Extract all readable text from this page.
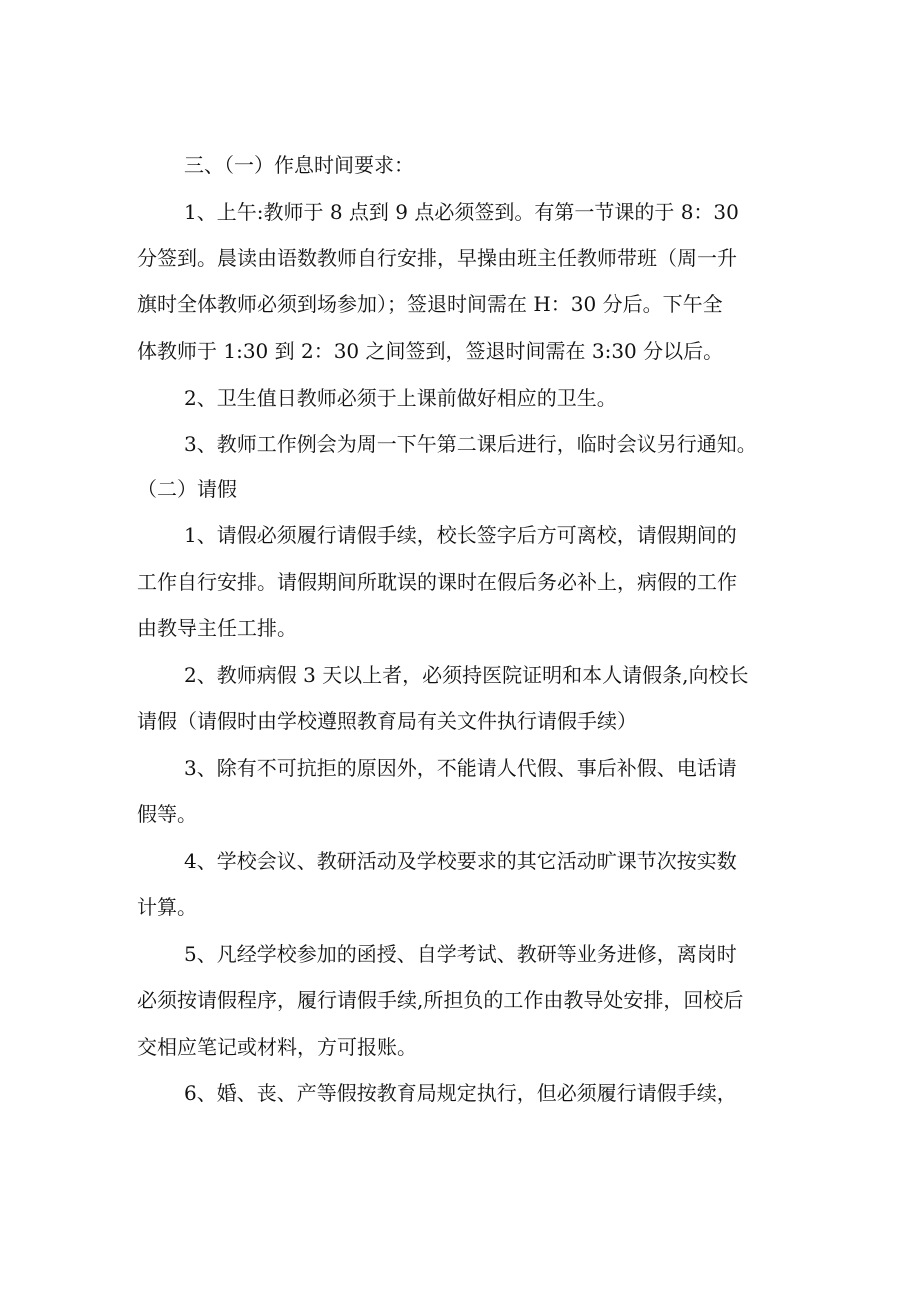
三、（一）作息时间要求：
1、上午:教师于 8 点到 9 点必须签到。有第一节课的于 8：30
分签到。晨读由语数教师自行安排，早操由班主任教师带班（周一升
旗时全体教师必须到场参加）；签退时间需在 H：30 分后。下午全
体教师于 1:30 到 2：30 之间签到，签退时间需在 3:30 分以后。
2、卫生值日教师必须于上课前做好相应的卫生。
3、教师工作例会为周一下午第二课后进行，临时会议另行通知。
（二）请假
1、请假必须履行请假手续，校长签字后方可离校，请假期间的
工作自行安排。请假期间所耽误的课时在假后务必补上，病假的工作
由教导主任工排。
2、教师病假 3 天以上者，必须持医院证明和本人请假条,向校长
请假（请假时由学校遵照教育局有关文件执行请假手续）
3、除有不可抗拒的原因外，不能请人代假、事后补假、电话请
假等。
4、学校会议、教研活动及学校要求的其它活动旷课节次按实数
计算。
5、凡经学校参加的函授、自学考试、教研等业务进修，离岗时
必须按请假程序，履行请假手续,所担负的工作由教导处安排，回校后
交相应笔记或材料，方可报账。
6、婚、丧、产等假按教育局规定执行，但必须履行请假手续，
